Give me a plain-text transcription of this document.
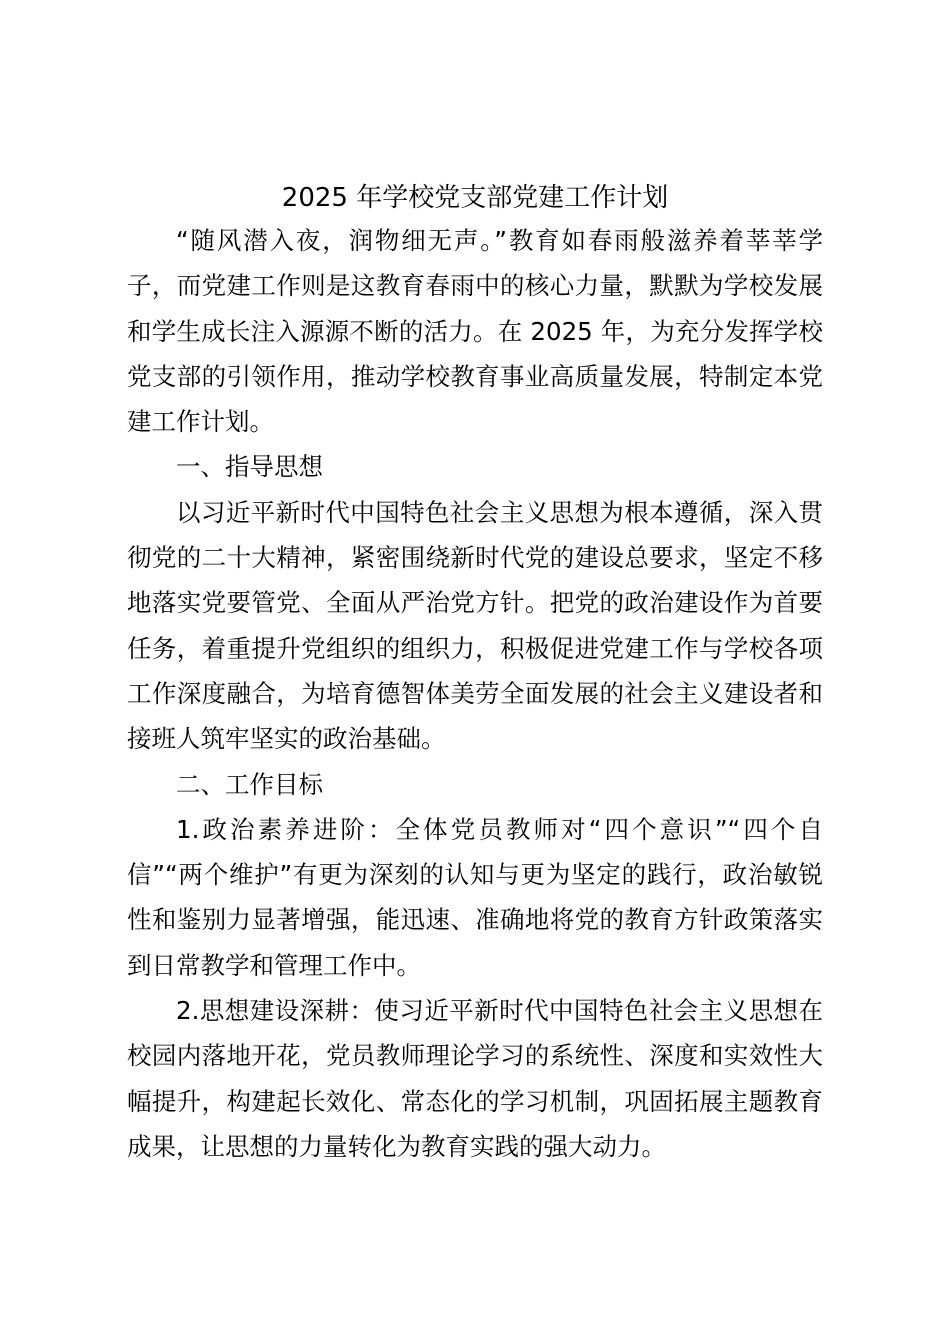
2025 年学校党支部党建工作计划

“随风潜入夜，润物细无声。”教育如春雨般滋养着莘莘学子，而党建工作则是这教育春雨中的核心力量，默默为学校发展和学生成长注入源源不断的活力。在 2025 年，为充分发挥学校党支部的引领作用，推动学校教育事业高质量发展，特制定本党建工作计划。

一、指导思想

以习近平新时代中国特色社会主义思想为根本遵循，深入贯彻党的二十大精神，紧密围绕新时代党的建设总要求，坚定不移地落实党要管党、全面从严治党方针。把党的政治建设作为首要任务，着重提升党组织的组织力，积极促进党建工作与学校各项工作深度融合，为培育德智体美劳全面发展的社会主义建设者和接班人筑牢坚实的政治基础。

二、工作目标

1.政治素养进阶：全体党员教师对“四个意识”“四个自信”“两个维护”有更为深刻的认知与更为坚定的践行，政治敏锐性和鉴别力显著增强，能迅速、准确地将党的教育方针政策落实到日常教学和管理工作中。

2.思想建设深耕：使习近平新时代中国特色社会主义思想在校园内落地开花，党员教师理论学习的系统性、深度和实效性大幅提升，构建起长效化、常态化的学习机制，巩固拓展主题教育成果，让思想的力量转化为教育实践的强大动力。
